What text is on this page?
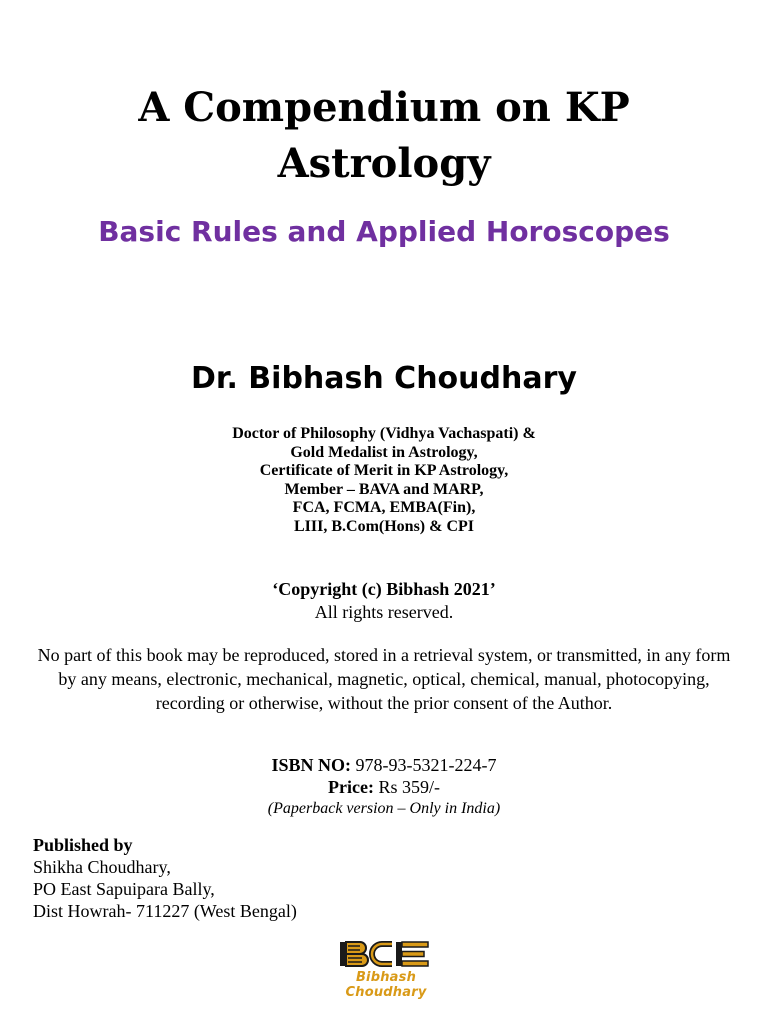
A Compendium on KP
Astrology
Basic Rules and Applied Horoscopes
Dr. Bibhash Choudhary
Doctor of Philosophy (Vidhya Vachaspati) &
Gold Medalist in Astrology,
Certificate of Merit in KP Astrology,
Member – BAVA and MARP,
FCA, FCMA, EMBA(Fin),
LIII, B.Com(Hons) & CPI
‘Copyright (c) Bibhash 2021’
All rights reserved.
No part of this book may be reproduced, stored in a retrieval system, or transmitted, in any form by any means, electronic, mechanical, magnetic, optical, chemical, manual, photocopying, recording or otherwise, without the prior consent of the Author.
ISBN NO: 978-93-5321-224-7
Price: Rs 359/-
(Paperback version – Only in India)
Published by
Shikha Choudhary,
PO East Sapuipara Bally,
Dist Howrah- 711227 (West Bengal)
Bibhash Choudhary
